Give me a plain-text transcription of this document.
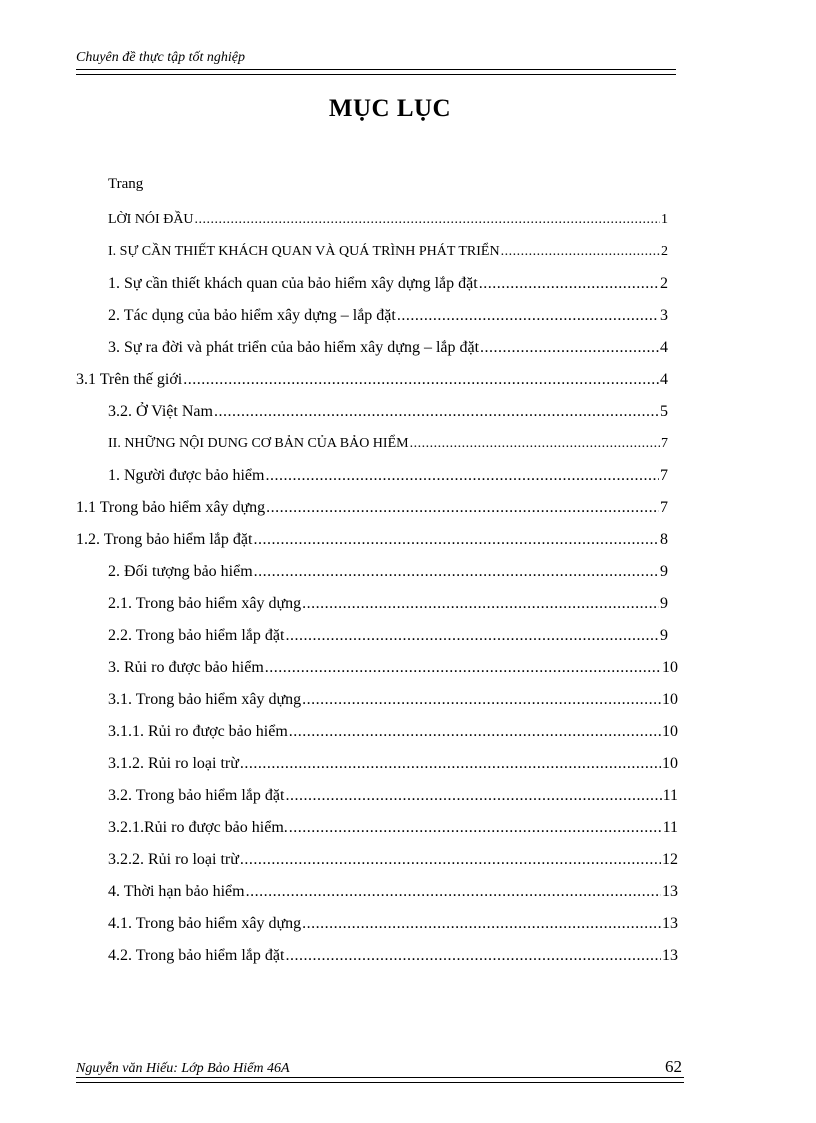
Chuyên đề thực tập tốt nghiệp
MỤC LỤC
Trang
LỜI NÓI ĐẦU .....	1
I. SỰ CẦN THIẾT KHÁCH QUAN VÀ QUÁ TRÌNH PHÁT TRIỂN .....	2
1. Sự cần thiết khách quan của bảo hiểm xây dựng lắp đặt .....	2
2. Tác dụng của bảo hiểm xây dựng – lắp đặt .....	3
3. Sự ra đời và phát triển của bảo hiểm xây dựng – lắp đặt .....	4
3.1 Trên thế giới .....	4
3.2. Ở Việt Nam .....	5
II. NHỮNG NỘI DUNG CƠ BẢN CỦA BẢO HIỂM .....	7
1. Người được bảo hiểm .....	7
1.1 Trong bảo hiểm xây dựng .....	7
1.2. Trong bảo hiểm lắp đặt .....	8
2. Đối tượng bảo hiểm .....	9
2.1. Trong bảo hiểm xây dựng .....	9
2.2. Trong bảo hiểm lắp đặt .....	9
3. Rủi ro được bảo hiểm .....	10
3.1. Trong bảo hiểm xây dựng .....	10
3.1.1. Rủi ro được bảo hiểm .....	10
3.1.2. Rủi ro loại trừ .....	10
3.2. Trong bảo hiểm lắp đặt .....	11
3.2.1.Rủi ro được bảo hiểm. .....	11
3.2.2. Rủi ro loại trừ .....	12
4. Thời hạn bảo hiểm .....	13
4.1. Trong bảo hiểm xây dựng .....	13
4.2. Trong bảo hiểm lắp đặt .....	13
Nguyễn văn Hiếu: Lớp Bảo Hiểm 46A	62
